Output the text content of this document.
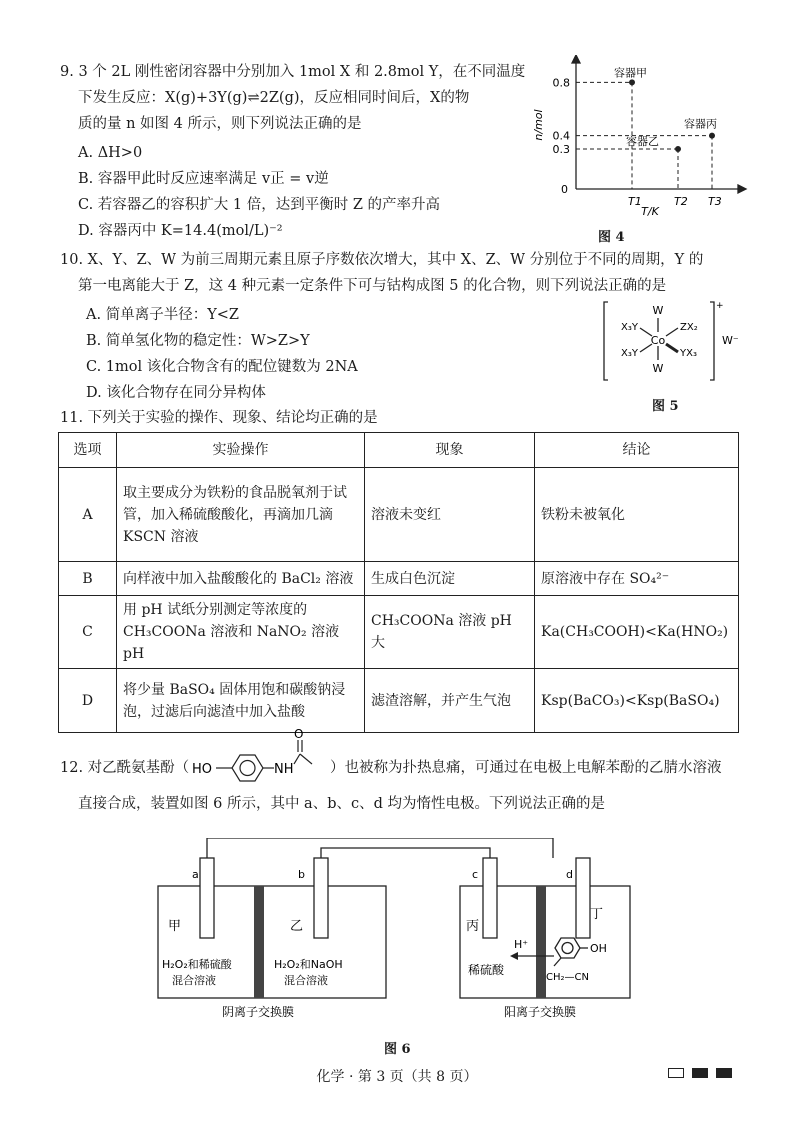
9. 3 个 2L 刚性密闭容器中分别加入 1mol X 和 2.8mol Y，在不同温度
下发生反应：X(g)+3Y(g)⇌2Z(g)，反应相同时间后，X的物
质的量 n 如图 4 所示，则下列说法正确的是
A. ΔH>0
B. 容器甲此时反应速率满足 v正 = v逆
C. 若容器乙的容积扩大 1 倍，达到平衡时 Z 的产率升高
D. 容器丙中 K=14.4(mol/L)⁻²
T1	T2 T3
0.8
容器甲
0.3
容器乙
0.4
容器丙
0
n/mol
T/K
图 4
10. X、Y、Z、W 为前三周期元素且原子序数依次增大，其中 X、Z、W 分别位于不同的周期，Y 的
第一电离能大于 Z，这 4 种元素一定条件下可与钴构成图 5 的化合物，则下列说法正确的是
A. 简单离子半径：Y<Z
B. 简单氢化物的稳定性：W>Z>Y
C. 1mol 该化合物含有的配位键数为 2NA
D. 该化合物存在同分异构体
W
W
Co
X₃Y
X₃Y
ZX₂
YX₃
+
W⁻
图 5
11. 下列关于实验的操作、现象、结论均正确的是
选项	实验操作	现象	结论
A	取主要成分为铁粉的食品脱氧剂于试管，加入稀硫酸酸化，再滴加几滴 KSCN 溶液	溶液未变红	铁粉未被氧化
B	向样液中加入盐酸酸化的 BaCl₂ 溶液	生成白色沉淀	原溶液中存在 SO₄²⁻
C	用 pH 试纸分别测定等浓度的 CH₃COONa 溶液和 NaNO₂ 溶液 pH	CH₃COONa 溶液 pH 大	Ka(CH₃COOH)<Ka(HNO₂)
D	将少量 BaSO₄ 固体用饱和碳酸钠浸泡，过滤后向滤渣中加入盐酸	滤渣溶解，并产生气泡	Ksp(BaCO₃)<Ksp(BaSO₄)
12. 对乙酰氨基酚（ HO	NH
O
）也被称为扑热息痛，可通过在电极上电解苯酚的乙腈水溶液
直接合成，装置如图 6 所示，其中 a、b、c、d 均为惰性电极。下列说法正确的是
a	b	c	d
甲	乙	丙
丁
H₂O₂和稀硫酸
混合溶液
H₂O₂和NaOH
混合溶液
稀硫酸
H⁺	OH
CH₂—CN
阴离子交换膜	阳离子交换膜
图 6
化学 · 第 3 页（共 8 页）
